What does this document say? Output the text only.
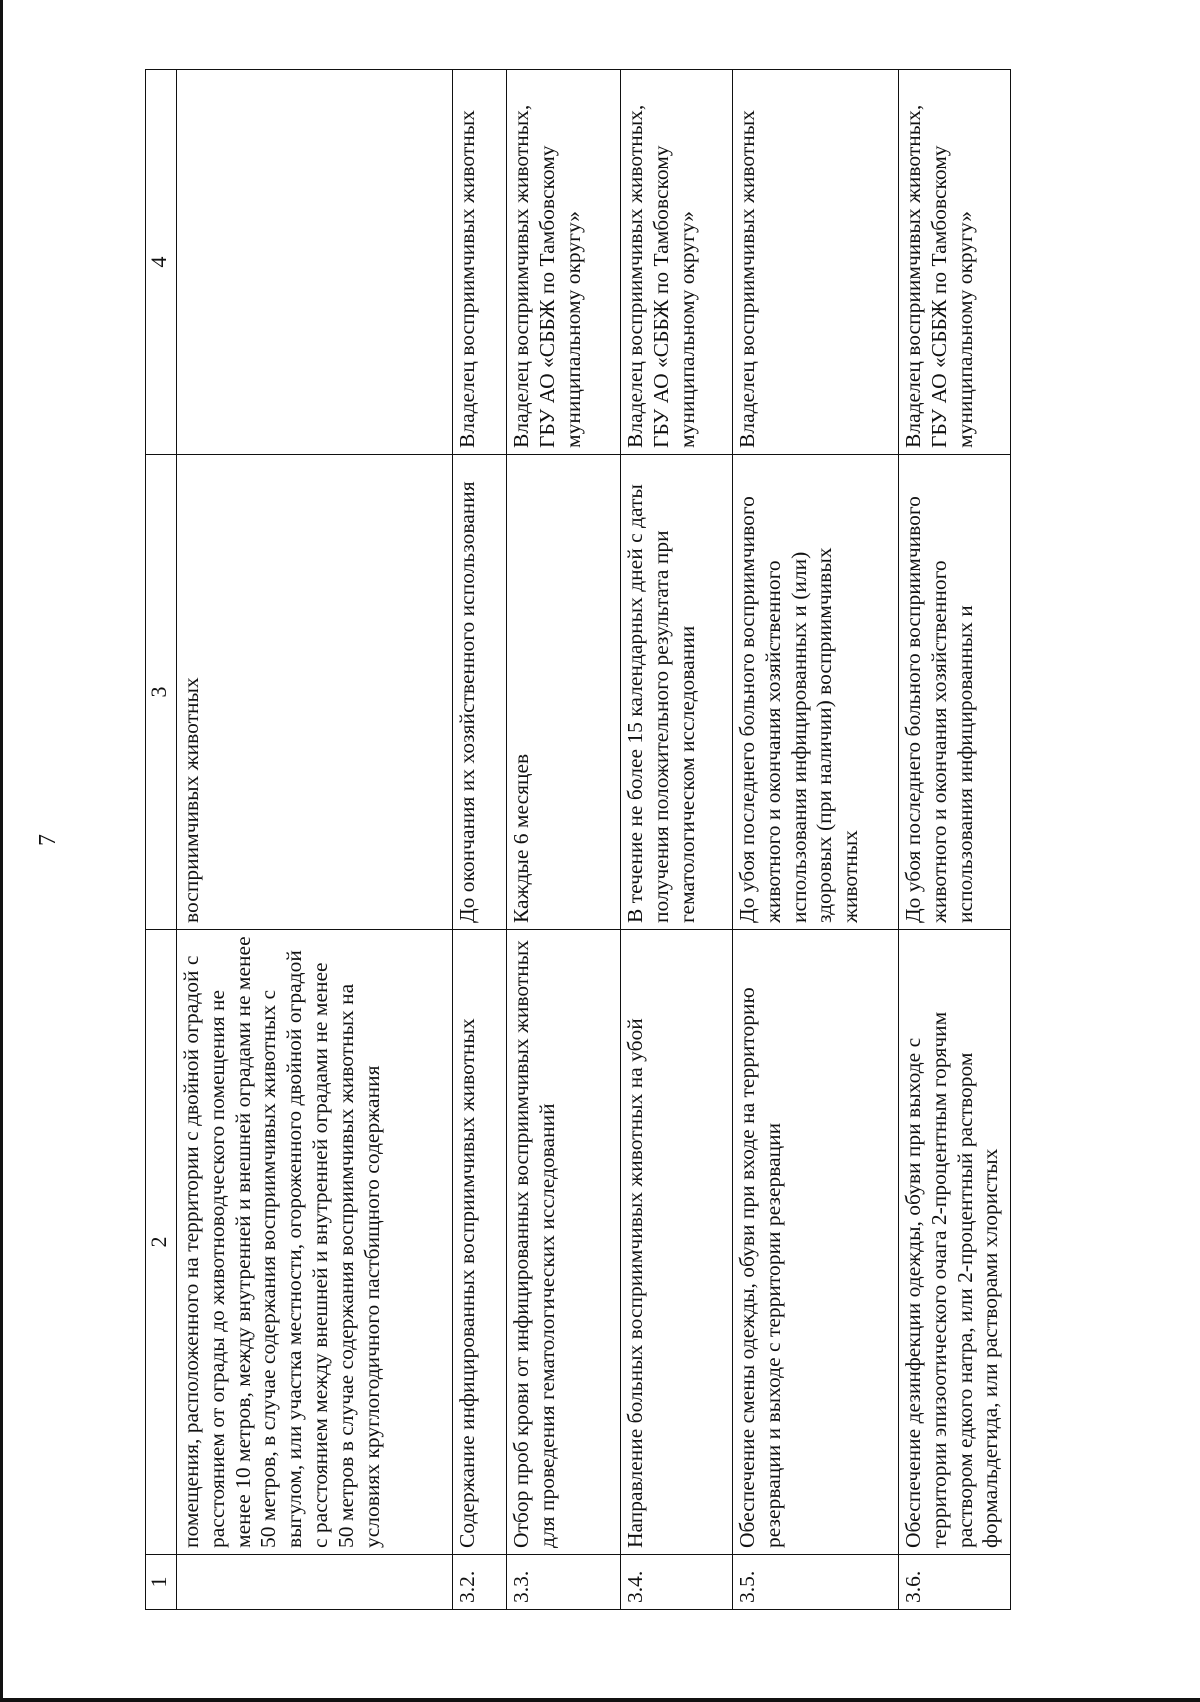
7
1	2	3	4
	помещения, расположенного на территории с двойной оградой с расстоянием от ограды до животноводческого помещения не менее 10 метров, между внутренней и внешней оградами не менее 50 метров, в случае содержания восприимчивых животных с выгулом, или участка местности, огороженного двойной оградой с расстоянием между внешней и внутренней оградами не менее 50 метров в случае содержания восприимчивых животных на условиях круглогодичного пастбищного содержания	восприимчивых животных	
3.2.	Содержание инфицированных восприимчивых животных	До окончания их хозяйственного использования	Владелец восприимчивых животных
3.3.	Отбор проб крови от инфицированных восприимчивых животных для проведения гематологических исследований	Каждые 6 месяцев	Владелец восприимчивых животных, ГБУ АО «СББЖ по Тамбовскому муниципальному округу»
3.4.	Направление больных восприимчивых животных на убой	В течение не более 15 календарных дней с даты получения положительного результата при гематологическом исследовании	Владелец восприимчивых животных, ГБУ АО «СББЖ по Тамбовскому муниципальному округу»
3.5.	Обеспечение смены одежды, обуви при входе на территорию резервации и выходе с территории резервации	До убоя последнего больного восприимчивого животного и окончания хозяйственного использования инфицированных и (или) здоровых (при наличии) восприимчивых животных	Владелец восприимчивых животных
3.6.	Обеспечение дезинфекции одежды, обуви при выходе с территории эпизоотического очага 2-процентным горячим раствором едкого натра, или 2-процентный раствором формальдегида, или растворами хлористых	До убоя последнего больного восприимчивого животного и окончания хозяйственного использования инфицированных и	Владелец восприимчивых животных, ГБУ АО «СББЖ по Тамбовскому муниципальному округу»
